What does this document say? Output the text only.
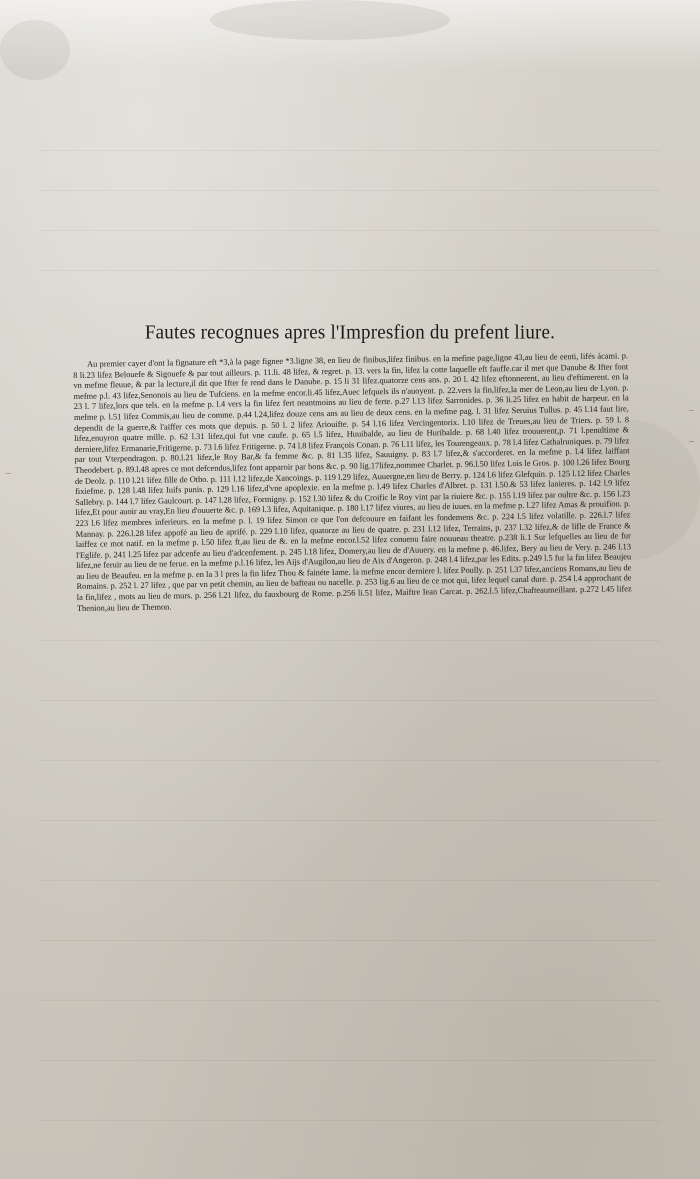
Fautes recognues apres l'Impresfion du prefent liure.

Au premier cayer d'ont la fignature eft *3,à la page fignee *3.ligne 38, en lieu de finibus,lifez finibus. en la mefine page,ligne 43,au lieu de eenti, lifés ácami. p. 8 li.23 lifez Belouefe & Sigouefe & par tout ailleurs. p. 11.li. 48 lifez, & regret. p. 13. vers la fin, lifez la cotte laquelle eft fauffe.car il met que Danube & Ifter font vn mefme fleuue, & par la lecture,il dit que Ifter fe rend dans le Danube. p. 15 li 31 lifez.quatorze cens ans. p. 20 l. 42 lifez eftonnerent, au lieu d'eftimerent. en la mefme p.l. 43 lifez,Senonois au lieu de Tufciens. en la mefme encor.li.45 lifez,Auec lefquels ils n'auoyent. p. 22.vers la fin,lifez,la mer de Leon,au lieu de Lyon. p. 23 l. 7 lifez,lors que tels. en la mefme p. l.4 vers la fin lifez fert neantmoins au lieu de ferte. p.27 l.13 lifez Sarronides. p. 36 li.25 lifez en habit de harpeur. en la mefme p. l.51 lifez Commis,au lieu de comme. p.44 l.24,lifez douze cens ans au lieu de deux cens. en la mefme pag. l. 31 lifez Seruius Tullus. p. 45 l.14 faut lire, dependit de la guerre,& l'aiffer ces mots que depuis. p. 50 l. 2 lifez Ariouifte. p. 54 l.16 lifez Vercingentorix. l.10 lifez de Treues,au lieu de Triers. p. 59 l. 8 lifez,enuyron quatre mille. p. 62 l.31 lifez,qui fut vne caufe. p. 65 l.5 lifez, Huuibalde, au lieu de Huribalde. p. 68 l.40 lifez trouuerent,p. 71 l.penultime & derniere,lifez Ermanarie,Fritigerne. p. 73 l.6 lifez Fritigerne. p. 74 l.8 lifez François Conan. p. 76 l.11 lifez, les Tourengeaux. p. 78 l.4 lifez Cathalruniques. p. 79 lifez par tout Vterpendragon. p. 80.l.21 lifez,le Roy Bar,& fa femme &c. p. 81 l.35 lifez, Sauuigny. p. 83 l.7 lifez,& s'accorderet. en la mefme p. l.4 lifez laiffant Theodebert. p. 89.l.48 apres ce mot defcendus,lifez font apparoir par bons &c. p. 90 lig.17lifez,nommee Charlet. p. 96.l.50 lifez Lois le Gros. p. 100 l.26 lifez Bourg de Deolz. p. 110 l.21 lifez fille de Otho. p. 111 l.12 lifez,de Xancoings. p. 119 l.29 lifez, Auuergne,en lieu de Berry. p. 124 l.6 lifez Glefquin. p. 125 l.12 lifez Charles fixiefme. p. 128 l.48 lifez Iuifs punis. p. 129 l.16 lifez,d'vne apoplexie. en la mefme p. l.49 lifez Charles d'Albret. p. 131 l.50.& 53 lifez lanieres. p. 142 l.9 lifez Sallebry. p. 144 l.7 lifez Gaulcourt. p. 147 l.28 lifez, Formigny. p. 152 l.30 lifez & du Croific le Roy vint par la riuiere &c. p. 155 l.19 lifez par oultre &c. p. 156 l.23 lifez,Et pour auoir au vray,En lieu d'ouuerte &c. p. 169 l.3 lifez, Aquitanique. p. 180 l.17 lifez viures, au lieu de iuues. en la mefme p. l.27 lifez Amas & prouifion. p. 223 l.6 lifez membres inferieurs. en la mefme p. l. 19 lifez Simon ce que l'on defcouure en faifant les fondemens &c. p. 224 l.5 lifez volatille. p. 226.l.7 lifez Mannay. p. 226.l.28 lifez appofé au lieu de aprifé. p. 229 l.10 lifez, quatorze au lieu de quatre. p. 231 l.12 lifez, Terrains, p. 237 l.32 lifez,& de lifle de France & laiffez ce mot natif. en la mefme p. l.50 lifez ft,au lieu de &. en la mefme encor.l.52 lifez conuenu faire nouueau theatre. p.238 li.1 Sur lefquelles au lieu de fur l'Eglife. p. 241 l.25 lifez par adcenfe au lieu d'adcenfement. p. 245 l.18 lifez, Domery,au lieu de d'Auuery. en la mefme p. 46.lifez, Bery au lieu de Very. p. 246 l.13 lifez,ne feruir au lieu de ne ferue. en la mefme p.l.16 lifez, les Aijs d'Augilon,au lieu de Aix d'Angeron. p. 248 l.4 lifez,par les Edits. p.249 l.5 fur la fin lifez Beaujeu au lieu de Beaufeu. en la mefme p. en la 3 l pres la fin lifez Thou & fainéte Iame. la mefme encor derniere l. lifez Poully. p. 251 l.37 lifez,anciens Romans,au lieu de Romains. p. 252 l. 27 lifez , que par vn petit chemin, au lieu de bafteau ou nacelle. p. 253 lig.6 au lieu de ce mot qui, lifez lequel canal dure. p. 254 l.4 approchant de la fin,lifez , mots au lieu de murs. p. 256 l.21 lifez, du fauxbourg de Rome. p.256 li.51 lifez, Maiftre Iean Carcat. p. 262.l.5 lifez,Chafteaumeillant. p.272 l.45 lifez Thenion,au lieu de Themon.

–
–
–
